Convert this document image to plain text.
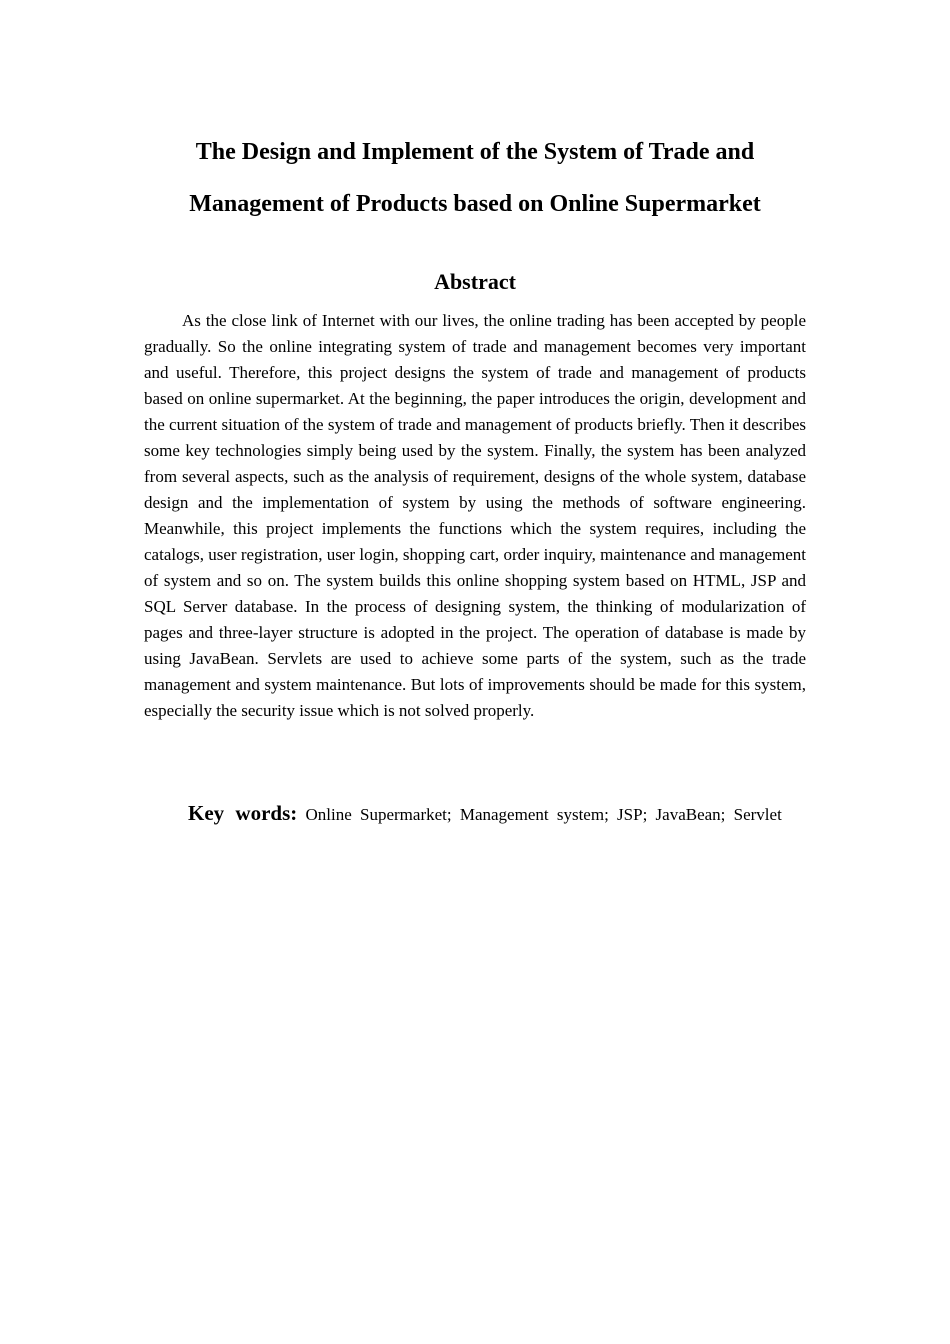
The Design and Implement of the System of Trade and
Management of Products based on Online Supermarket
Abstract

As the close link of Internet with our lives, the online trading has been accepted by people gradually. So the online integrating system of trade and management becomes very important and useful. Therefore, this project designs the system of trade and management of products based on online supermarket. At the beginning, the paper introduces the origin, development and the current situation of the system of trade and management of products briefly. Then it describes some key technologies simply being used by the system. Finally, the system has been analyzed from several aspects, such as the analysis of requirement, designs of the whole system, database design and the implementation of system by using the methods of software engineering. Meanwhile, this project implements the functions which the system requires, including the catalogs, user registration, user login, shopping cart, order inquiry, maintenance and management of system and so on. The system builds this online shopping system based on HTML, JSP and SQL Server database. In the process of designing system, the thinking of modularization of pages and three-layer structure is adopted in the project. The operation of database is made by using JavaBean. Servlets are used to achieve some parts of the system, such as the trade management and system maintenance. But lots of improvements should be made for this system, especially the security issue which is not solved properly.

Key words: Online Supermarket; Management system; JSP; JavaBean; Servlet
